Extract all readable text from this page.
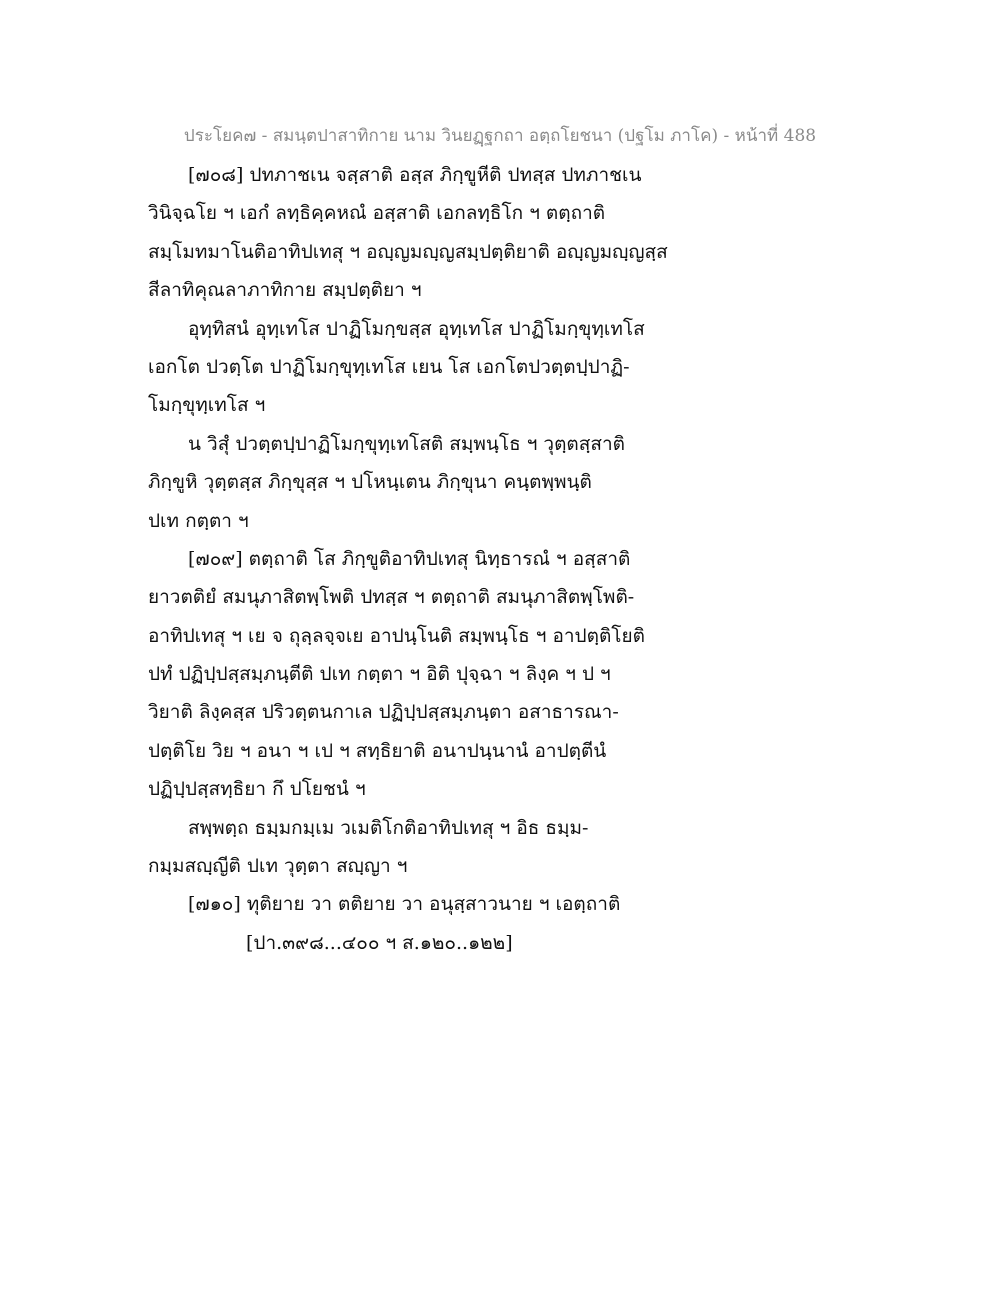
ประโยค๗ - สมนฺตปาสาทิกาย นาม วินยฏฺฐกถา อตฺถโยชนา (ปฐโม ภาโค) - หน้าที่ 488
[๗๐๘] ปทภาชเน จสฺสาติ อสฺส ภิกฺขูหีติ ปทสฺส ปทภาชเน
วินิจฺฉโย ฯ เอกํ ลทฺธิคฺคหณํ อสฺสาติ เอกลทฺธิโก ฯ ตตฺถาติ
สมฺโมทมาโนติอาทิปเทสุ ฯ อญฺญมญฺญสมฺปตฺติยาติ อญฺญมญฺญสฺส
สีลาทิคุณลาภาทิกาย สมฺปตฺติยา ฯ
อุทฺทิสนํ อุทฺเทโส ปาฏิโมกฺขสฺส อุทฺเทโส ปาฏิโมกฺขุทฺเทโส
เอกโต ปวตฺโต ปาฏิโมกฺขุทฺเทโส เยน โส เอกโตปวตฺตปฺปาฏิ-
โมกฺขุทฺเทโส ฯ
น วิสุํ ปวตฺตปฺปาฏิโมกฺขุทฺเทโสติ สมฺพนฺโธ ฯ วุตฺตสฺสาติ
ภิกฺขูหิ วุตฺตสฺส ภิกฺขุสฺส ฯ ปโหนฺเตน ภิกฺขุนา คนฺตพฺพนฺติ
ปเท กตฺตา ฯ
[๗๐๙] ตตฺถาติ โส ภิกฺขูติอาทิปเทสุ นิทฺธารณํ ฯ อสฺสาติ
ยาวตติยํ สมนุภาสิตพฺโพติ ปทสฺส ฯ ตตฺถาติ สมนุภาสิตพฺโพติ-
อาทิปเทสุ ฯ เย จ ถุลฺลจฺจเย อาปนฺโนติ สมฺพนฺโธ ฯ อาปตฺติโยติ
ปทํ ปฏิปฺปสฺสมฺภนฺตีติ ปเท กตฺตา ฯ อิติ ปุจฺฉา ฯ ลิงฺค ฯ ป ฯ
วิยาติ ลิงฺคสฺส ปริวตฺตนกาเล ปฏิปฺปสฺสมฺภนฺตา อสาธารณา-
ปตฺติโย วิย ฯ อนา ฯ เป ฯ สทฺธิยาติ อนาปนฺนานํ อาปตฺตีนํ
ปฏิปฺปสฺสทฺธิยา กึ ปโยชนํ ฯ
สพฺพตฺถ ธมฺมกมฺเม วเมติโกติอาทิปเทสุ ฯ อิธ ธมฺม-
กมฺมสญฺญีติ ปเท วุตฺตา สญฺญา ฯ
[๗๑๐] ทุติยาย วา ตติยาย วา อนุสฺสาวนาย ฯ เอตฺถาติ
[ปา.๓๙๘...๔๐๐ ฯ ส.๑๒๐..๑๒๒]
